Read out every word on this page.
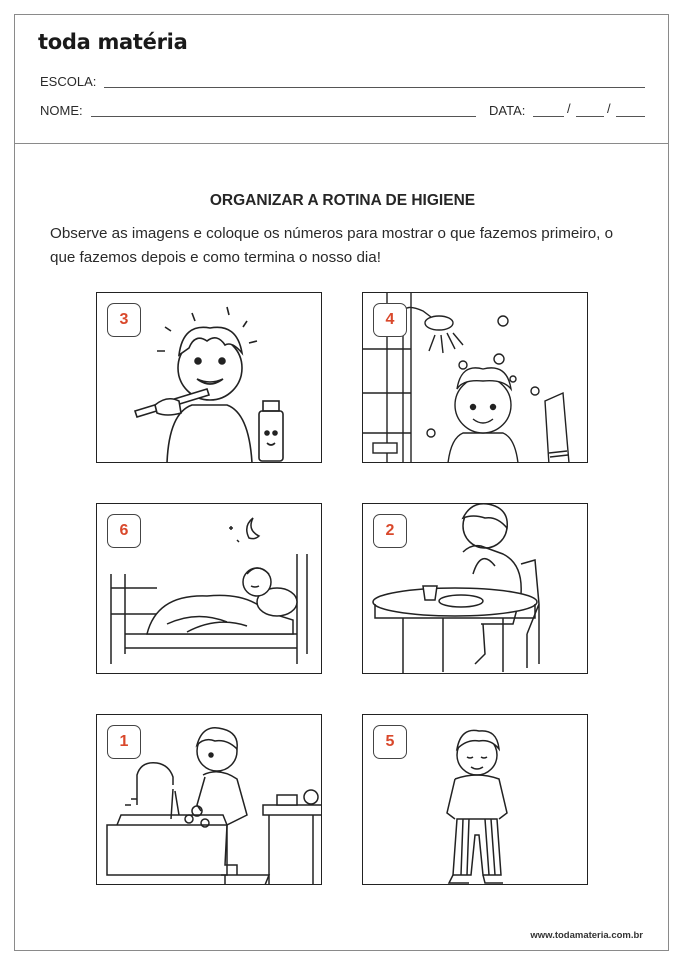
toda matéria
ESCOLA:
NOME:	DATA:	/	/
ORGANIZAR A ROTINA DE HIGIENE
Observe as imagens e coloque os números para mostrar o que fazemos primeiro, o que fazemos depois e como termina o nosso dia!
3	4
6	2
1	5
www.todamateria.com.br
